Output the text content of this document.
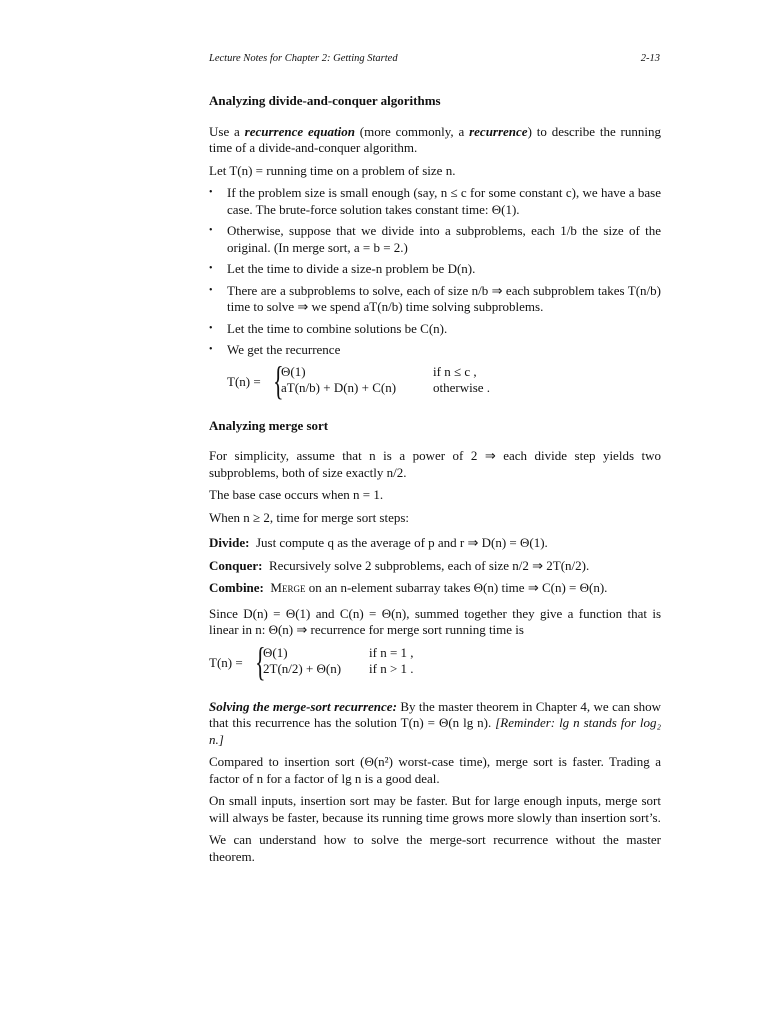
Lecture Notes for Chapter 2: Getting Started	2-13
Analyzing divide-and-conquer algorithms

Use a recurrence equation (more commonly, a recurrence) to describe the running time of a divide-and-conquer algorithm.

Let T(n) = running time on a problem of size n.

• If the problem size is small enough (say, n ≤ c for some constant c), we have a base case. The brute-force solution takes constant time: Θ(1).
• Otherwise, suppose that we divide into a subproblems, each 1/b the size of the original. (In merge sort, a = b = 2.)
• Let the time to divide a size-n problem be D(n).
• There are a subproblems to solve, each of size n/b ⇒ each subproblem takes T(n/b) time to solve ⇒ we spend aT(n/b) time solving subproblems.
• Let the time to combine solutions be C(n).
• We get the recurrence
T(n) = {
Θ(1)	if n ≤ c ,
aT(n/b) + D(n) + C(n)	otherwise .
Analyzing merge sort

For simplicity, assume that n is a power of 2 ⇒ each divide step yields two subproblems, both of size exactly n/2.

The base case occurs when n = 1.

When n ≥ 2, time for merge sort steps:

Divide: Just compute q as the average of p and r ⇒ D(n) = Θ(1).

Conquer: Recursively solve 2 subproblems, each of size n/2 ⇒ 2T(n/2).

Combine: Merge on an n-element subarray takes Θ(n) time ⇒ C(n) = Θ(n).

Since D(n) = Θ(1) and C(n) = Θ(n), summed together they give a function that is linear in n: Θ(n) ⇒ recurrence for merge sort running time is

T(n) = {
Θ(1)	if n = 1 ,
2T(n/2) + Θ(n) if n > 1 .

Solving the merge-sort recurrence: By the master theorem in Chapter 4, we can show that this recurrence has the solution T(n) = Θ(n lg n). [Reminder: lg n stands for log₂ n.]

Compared to insertion sort (Θ(n²) worst-case time), merge sort is faster. Trading a factor of n for a factor of lg n is a good deal.

On small inputs, insertion sort may be faster. But for large enough inputs, merge sort will always be faster, because its running time grows more slowly than insertion sort’s.

We can understand how to solve the merge-sort recurrence without the master theorem.
